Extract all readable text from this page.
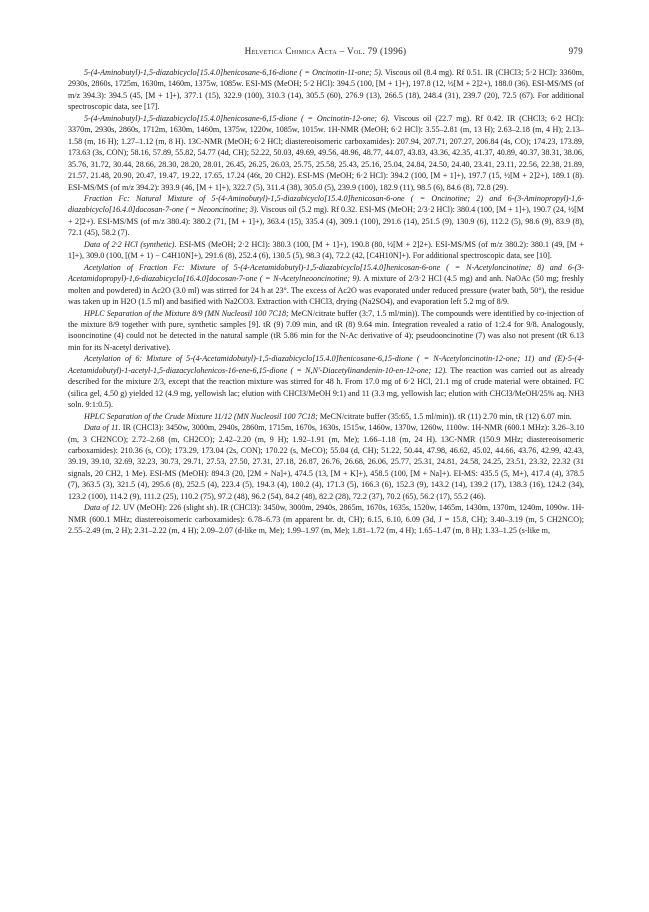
Helvetica Chimica Acta – Vol. 79 (1996)	979

5-(4-Aminobutyl)-1,5-diazabicyclo[15.4.0]henicosane-6,16-dione ( = Oncinotin-11-one; 5). Viscous oil (8.4 mg). Rf 0.51. IR (CHCl3; 5·2 HCl): 3360m, 2930s, 2860s, 1725m, 1630m, 1460m, 1375w, 1085w. ESI-MS (MeOH; 5·2 HCl): 394.5 (100, [M + 1]+), 197.8 (12, ½[M + 2]2+), 188.0 (36). ESI-MS/MS (of m/z 394.3): 394.5 (45, [M + 1]+), 377.1 (15), 322.9 (100), 310.3 (14), 305.5 (60), 276.9 (13), 266.5 (18), 248.4 (31), 239.7 (20), 72.5 (67). For additional spectroscopic data, see [17].

5-(4-Aminobutyl)-1,5-diazabicyclo[15.4.0]henicosane-6,15-dione ( = Oncinotin-12-one; 6). Viscous oil (22.7 mg). Rf 0.42. IR (CHCl3; 6·2 HCl): 3370m, 2930s, 2860s, 1712m, 1630m, 1460m, 1375w, 1220w, 1085w, 1015w. 1H-NMR (MeOH; 6·2 HCl): 3.55–2.81 (m, 13 H); 2.63–2.18 (m, 4 H); 2.13–1.58 (m, 16 H); 1.27–1.12 (m, 8 H). 13C-NMR (MeOH; 6·2 HCl; diastereoisomeric carboxamides): 207.94, 207.71, 207.27, 206.84 (4s, CO); 174.23, 173.89, 173.63 (3s, CON); 58.16, 57.89, 55.82, 54.77 (4d, CH); 52.22, 50.03, 49.69, 49.56, 48.96, 48.77, 44.07, 43.83, 43.36, 42.35, 41.37, 40.89, 40.37, 38.31, 38.06, 35.76, 31.72, 30.44, 28.66, 28.30, 28.20, 28.01, 26.45, 26.25, 26.03, 25.75, 25.58, 25.43, 25.16, 25.04, 24.84, 24.50, 24.40, 23.41, 23.11, 22.56, 22.38, 21.89, 21.57, 21.48, 20.90, 20.47, 19.47, 19.22, 17.65, 17.24 (46t, 20 CH2). ESI-MS (MeOH; 6·2 HCl): 394.2 (100, [M + 1]+), 197.7 (15, ½[M + 2]2+), 189.1 (8). ESI-MS/MS (of m/z 394.2): 393.9 (46, [M + 1]+), 322.7 (5), 311.4 (38), 305.0 (5), 239.9 (100), 182.9 (11), 98.5 (6), 84.6 (8), 72.8 (29).

Fraction Fc: Natural Mixture of 5-(4-Aminobutyl)-1,5-diazabicyclo[15.4.0]henicosan-6-one ( = Oncinotine; 2) and 6-(3-Aminopropyl)-1,6-diazabicyclo[16.4.0]docosan-7-one ( = Neooncinotine; 3). Viscous oil (5.2 mg). Rf 0.32. ESI-MS (MeOH; 2/3·2 HCl): 380.4 (100, [M + 1]+), 190.7 (24, ½[M + 2]2+). ESI-MS/MS (of m/z 380.4): 380.2 (71, [M + 1]+), 363.4 (15), 335.4 (4), 309.1 (100), 291.6 (14), 251.5 (9), 130.9 (6), 112.2 (5), 98.6 (9), 83.9 (8), 72.1 (45), 58.2 (7).

Data of 2·2 HCl (synthetic). ESI-MS (MeOH; 2·2 HCl): 380.3 (100, [M + 1]+), 190.8 (80, ½[M + 2]2+). ESI-MS/MS (of m/z 380.2): 380.1 (49, [M + 1]+), 309.0 (100, [(M + 1) − C4H10N]+), 291.6 (8), 252.4 (6), 130.5 (5), 98.3 (4), 72.2 (42, [C4H10N]+). For additional spectroscopic data, see [10].

Acetylation of Fraction Fc: Mixture of 5-(4-Acetamidobutyl)-1,5-diazabicyclo[15.4.0]henicosan-6-one ( = N-Acetyloncinotine; 8) and 6-(3-Acetamidopropyl)-1,6-diazabicyclo[16.4.0]docosan-7-one ( = N-Acetylneooncinotine; 9). A mixture of 2/3·2 HCl (4.5 mg) and anh. NaOAc (50 mg; freshly molten and powdered) in Ac2O (3.0 ml) was stirred for 24 h at 23°. The excess of Ac2O was evaporated under reduced pressure (water bath, 50°), the residue was taken up in H2O (1.5 ml) and basified with Na2CO3. Extraction with CHCl3, drying (Na2SO4), and evaporation left 5.2 mg of 8/9.

HPLC Separation of the Mixture 8/9 (MN Nucleosil 100 7C18; MeCN/citrate buffer (3:7, 1.5 ml/min)). The compounds were identified by co-injection of the mixture 8/9 together with pure, synthetic samples [9]. tR (9) 7.09 min, and tR (8) 9.64 min. Integration revealed a ratio of 1:2.4 for 9/8. Analogously, isooncinotine (4) could not be detected in the natural sample (tR 5.86 min for the N-Ac derivative of 4); pseudooncinotine (7) was also not present (tR 6.13 min for its N-acetyl derivative).

Acetylation of 6: Mixture of 5-(4-Acetamidobutyl)-1,5-diazabicyclo[15.4.0]henicosane-6,15-dione ( = N-Acetyloncinotin-12-one; 11) and (E)-5-(4-Acetamidobutyl)-1-acetyl-1,5-diazacyclohenicos-16-ene-6,15-dione ( = N,N′-Diacetylinandenin-10-en-12-one; 12). The reaction was carried out as already described for the mixture 2/3, except that the reaction mixture was stirred for 48 h. From 17.0 mg of 6·2 HCl, 21.1 mg of crude material were obtained. FC (silica gel, 4.50 g) yielded 12 (4.9 mg, yellowish lac; elution with CHCl3/MeOH 9:1) and 11 (3.3 mg, yellowish lac; elution with CHCl3/MeOH/25% aq. NH3 soln. 9:1:0.5).

HPLC Separation of the Crude Mixture 11/12 (MN Nucleosil 100 7C18; MeCN/citrate buffer (35:65, 1.5 ml/min)). tR (11) 2.70 min, tR (12) 6.07 min.

Data of 11. IR (CHCl3): 3450w, 3000m, 2940s, 2860m, 1715m, 1670s, 1630s, 1515w, 1460w, 1370w, 1260w, 1100w. 1H-NMR (600.1 MHz): 3.26–3.10 (m, 3 CH2NCO); 2.72–2.68 (m, CH2CO); 2.42–2.20 (m, 9 H); 1.92–1.91 (m, Me); 1.66–1.18 (m, 24 H). 13C-NMR (150.9 MHz; diastereoisomeric carboxamides): 210.36 (s, CO); 173.29, 173.04 (2s, CON); 170.22 (s, MeCO); 55.04 (d, CH); 51.22, 50.44, 47.98, 46.62, 45.02, 44.66, 43.76, 42.99, 42.43, 39.19, 39.10, 32.69, 32.23, 30.73, 29.71, 27.53, 27.50, 27.31, 27.18, 26.87, 26.76, 26.68, 26.06, 25.77, 25.31, 24.81, 24.58, 24.25, 23.51, 23.32, 22.32 (31 signals, 20 CH2, 1 Me). ESI-MS (MeOH): 894.3 (20, [2M + Na]+), 474.5 (13, [M + K]+), 458.5 (100, [M + Na]+). EI-MS: 435.5 (5, M+), 417.4 (4), 378.5 (7), 363.5 (3), 321.5 (4), 295.6 (8), 252.5 (4), 223.4 (5), 194.3 (4), 180.2 (4), 171.3 (5), 166.3 (6), 152.3 (9), 143.2 (14), 139.2 (17), 138.3 (16), 124.2 (34), 123.2 (100), 114.2 (9), 111.2 (25), 110.2 (75), 97.2 (48), 96.2 (54), 84.2 (48), 82.2 (28), 72.2 (37), 70.2 (65), 56.2 (17), 55.2 (46).

Data of 12. UV (MeOH): 226 (slight sh). IR (CHCl3): 3450w, 3000m, 2940s, 2865m, 1670s, 1635s, 1520w, 1465m, 1430m, 1370m, 1240m, 1090w. 1H-NMR (600.1 MHz; diastereoisomeric carboxamides): 6.78–6.73 (m apparent br. dt, CH); 6.15, 6.10, 6.09 (3d, J = 15.8, CH); 3.40–3.19 (m, 5 CH2NCO); 2.55–2.49 (m, 2 H); 2.31–2.22 (m, 4 H); 2.09–2.07 (d-like m, Me); 1.99–1.97 (m, Me); 1.81–1.72 (m, 4 H); 1.65–1.47 (m, 8 H); 1.33–1.25 (s-like m,
